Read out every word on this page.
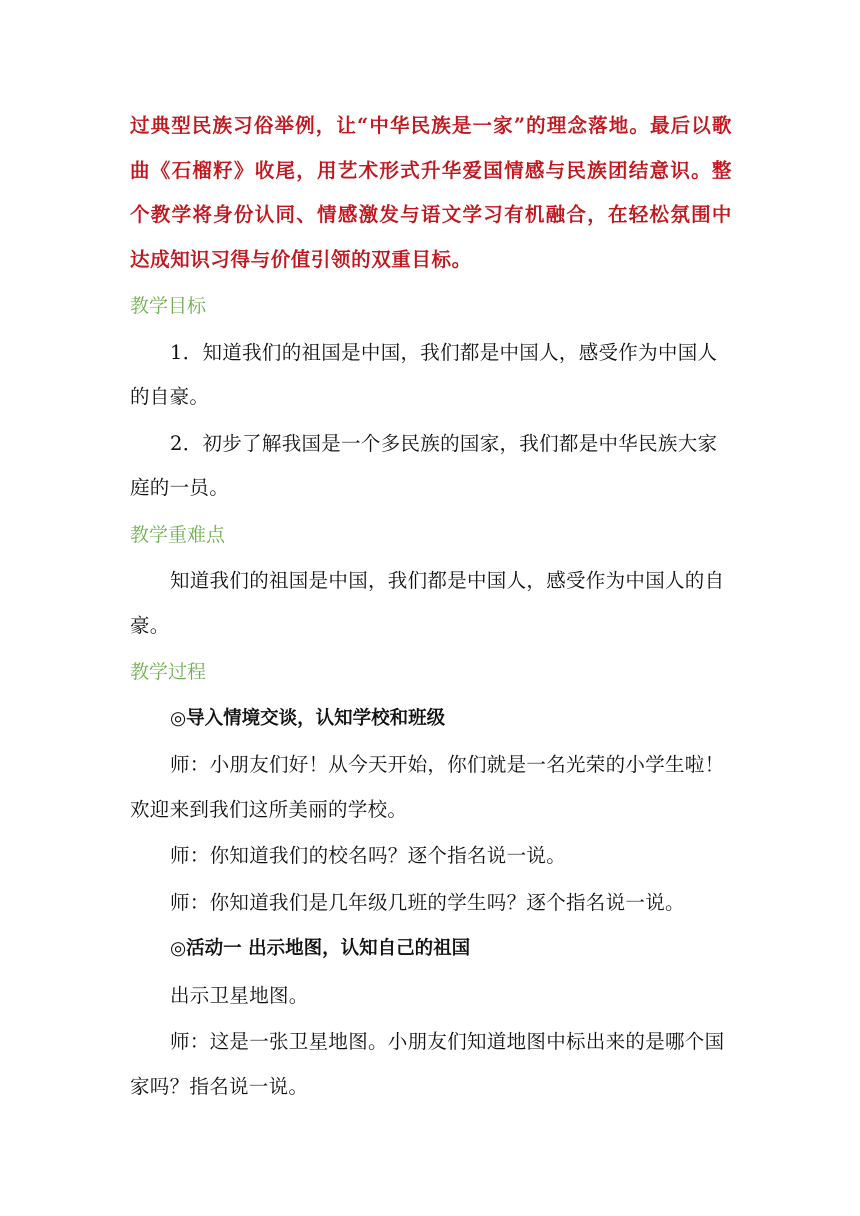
过典型民族习俗举例，让“中华民族是一家”的理念落地。最后以歌曲《石榴籽》收尾，用艺术形式升华爱国情感与民族团结意识。整个教学将身份认同、情感激发与语文学习有机融合，在轻松氛围中达成知识习得与价值引领的双重目标。

教学目标

1．知道我们的祖国是中国，我们都是中国人，感受作为中国人的自豪。

2．初步了解我国是一个多民族的国家，我们都是中华民族大家庭的一员。

教学重难点

知道我们的祖国是中国，我们都是中国人，感受作为中国人的自豪。

教学过程

◎导入情境交谈，认知学校和班级

师：小朋友们好！从今天开始，你们就是一名光荣的小学生啦！欢迎来到我们这所美丽的学校。

师：你知道我们的校名吗？逐个指名说一说。

师：你知道我们是几年级几班的学生吗？逐个指名说一说。

◎活动一 出示地图，认知自己的祖国

出示卫星地图。

师：这是一张卫星地图。小朋友们知道地图中标出来的是哪个国家吗？指名说一说。
